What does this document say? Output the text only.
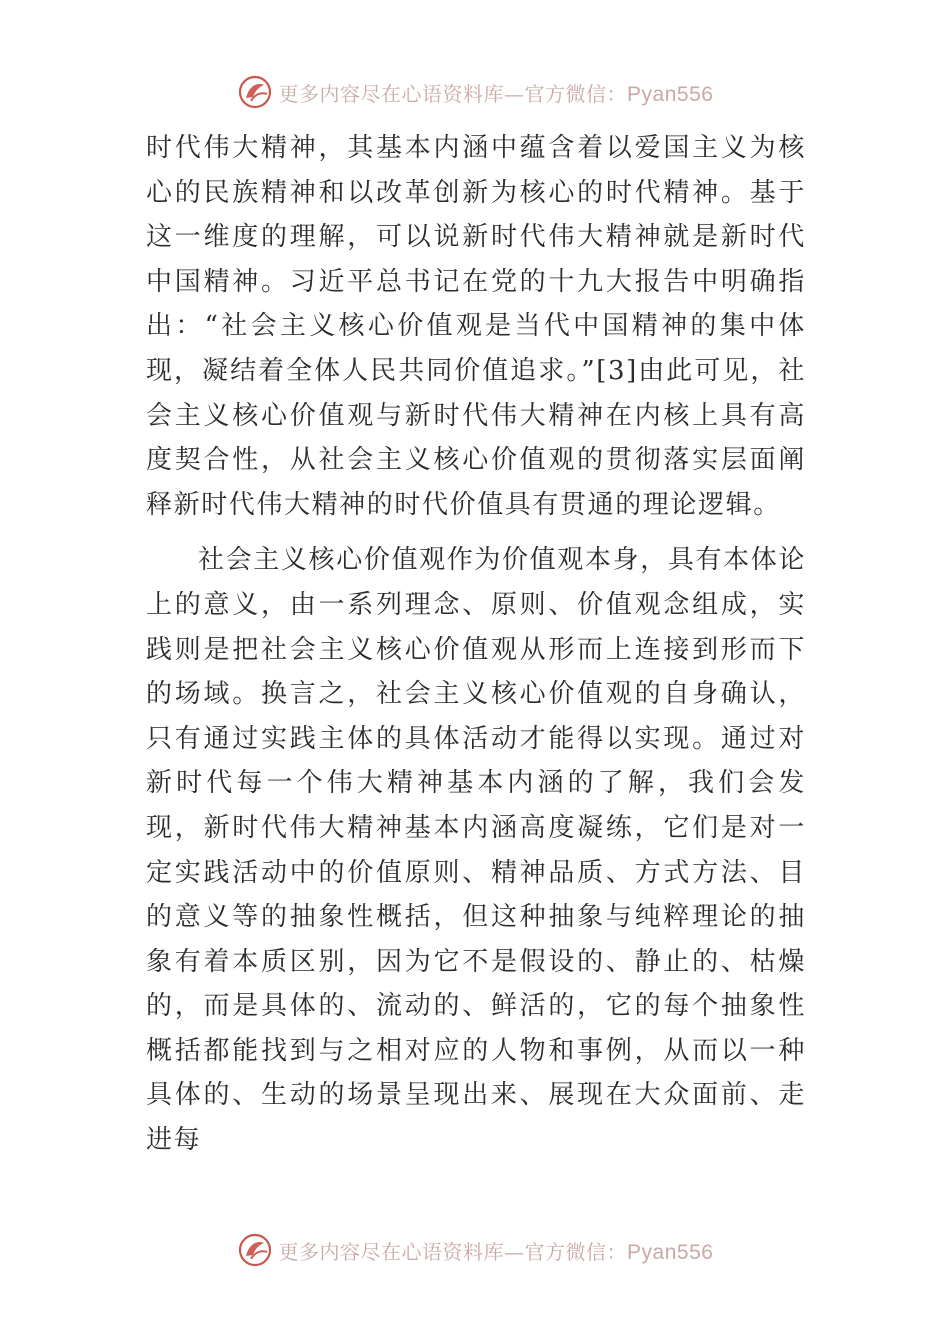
更多内容尽在心语资料库—官方微信：Pyan556

时代伟大精神，其基本内涵中蕴含着以爱国主义为核心的民族精神和以改革创新为核心的时代精神。基于这一维度的理解，可以说新时代伟大精神就是新时代中国精神。习近平总书记在党的十九大报告中明确指出：“社会主义核心价值观是当代中国精神的集中体现，凝结着全体人民共同价值追求。”[3]由此可见，社会主义核心价值观与新时代伟大精神在内核上具有高度契合性，从社会主义核心价值观的贯彻落实层面阐释新时代伟大精神的时代价值具有贯通的理论逻辑。

社会主义核心价值观作为价值观本身，具有本体论上的意义，由一系列理念、原则、价值观念组成，实践则是把社会主义核心价值观从形而上连接到形而下的场域。换言之，社会主义核心价值观的自身确认，只有通过实践主体的具体活动才能得以实现。通过对新时代每一个伟大精神基本内涵的了解，我们会发现，新时代伟大精神基本内涵高度凝练，它们是对一定实践活动中的价值原则、精神品质、方式方法、目的意义等的抽象性概括，但这种抽象与纯粹理论的抽象有着本质区别，因为它不是假设的、静止的、枯燥的，而是具体的、流动的、鲜活的，它的每个抽象性概括都能找到与之相对应的人物和事例，从而以一种具体的、生动的场景呈现出来、展现在大众面前、走进每

更多内容尽在心语资料库—官方微信：Pyan556
